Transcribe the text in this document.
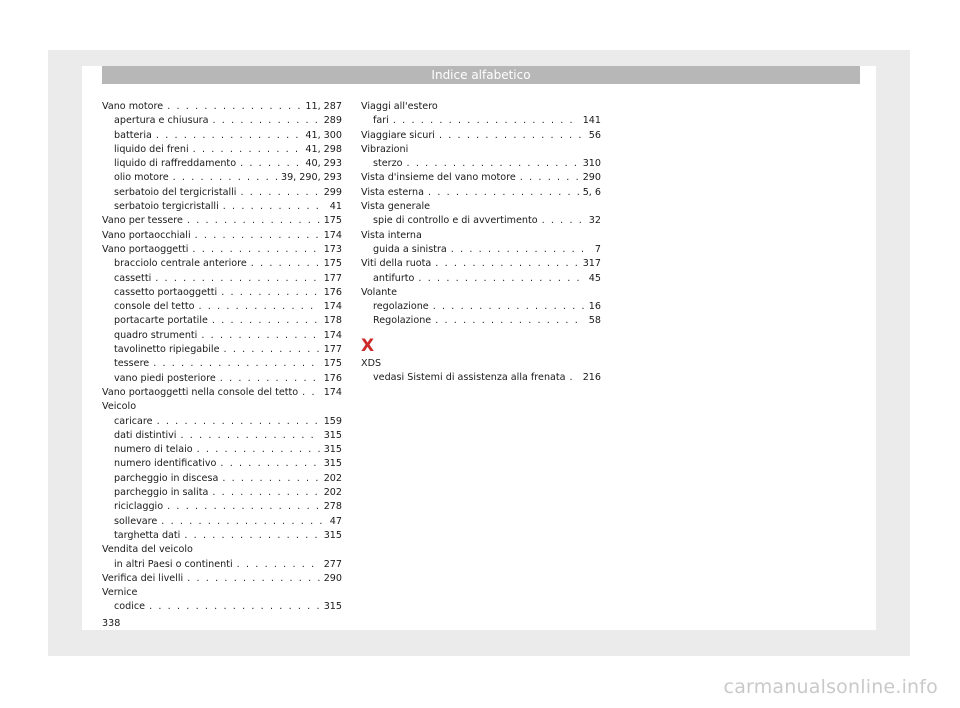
Indice alfabetico
Vano motore . . .	11, 287
apertura e chiusura . . .	289
batteria . . .	41, 300
liquido dei freni . . .	41, 298
liquido di raffreddamento . . .	40, 293
olio motore . . .	39, 290, 293
serbatoio del tergicristalli . . .	299
serbatoio tergicristalli . . .	41
Vano per tessere . . .	175
Vano portaocchiali . . .	174
Vano portaoggetti . . .	173
bracciolo centrale anteriore . . .	175
cassetti . . .	177
cassetto portaoggetti . . .	176
console del tetto . . .	174
portacarte portatile . . .	178
quadro strumenti . . .	174
tavolinetto ripiegabile . . .	177
tessere . . .	175
vano piedi posteriore . . .	176
Vano portaoggetti nella console del tetto . . .	174
Veicolo
caricare . . .	159
dati distintivi . . .	315
numero di telaio . . .	315
numero identificativo . . .	315
parcheggio in discesa . . .	202
parcheggio in salita . . .	202
riciclaggio . . .	278
sollevare . . .	47
targhetta dati . . .	315
Vendita del veicolo
in altri Paesi o continenti . . .	277
Verifica dei livelli . . .	290
Vernice
codice . . .	315
Viaggi all'estero
fari . . .	141
Viaggiare sicuri . . .	56
Vibrazioni
sterzo . . .	310
Vista d'insieme del vano motore . . .	290
Vista esterna . . .	5, 6
Vista generale
spie di controllo e di avvertimento . . .	32
Vista interna
guida a sinistra . . .	7
Viti della ruota . . .	317
antifurto . . .	45
Volante
regolazione . . .	16
Regolazione . . .	58
X
XDS
vedasi Sistemi di assistenza alla frenata . . . 216
338
carmanualsonline.info
